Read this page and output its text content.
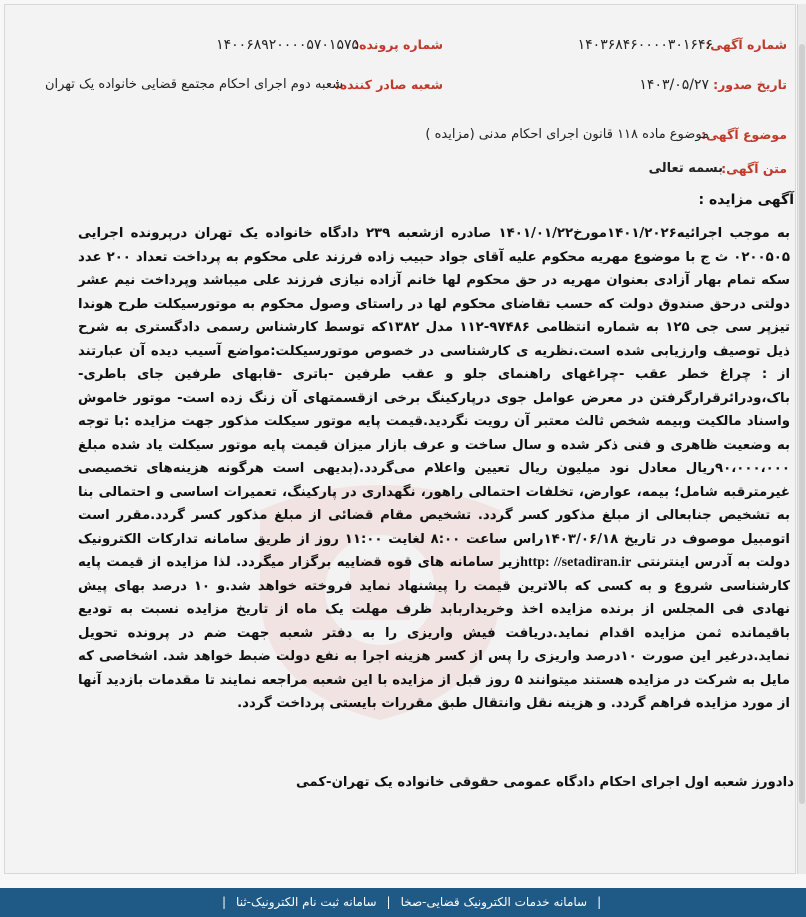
شماره آگهی:
۱۴۰۳۶۸۴۶۰۰۰۰۳۰۱۶۴۶
شماره پرونده:
۱۴۰۰۶۸۹۲۰۰۰۰۵۷۰۱۵۷۵
تاریخ صدور:
۱۴۰۳/۰۵/۲۷
شعبه صادر کننده:
شعبه دوم اجرای احکام مجتمع قضایی خانواده یک تهران
موضوع آگهی:
موضوع ماده ۱۱۸ قانون اجرای احکام مدنی (مزایده )
متن آگهی:
بسمه تعالی
آگهی مزایده :
به موجب اجرائیه۱۴۰۱/۲۰۲۶مورخ۱۴۰۱/۰۱/۲۲ صادره ازشعبه ۲۳۹ دادگاه خانواده یک تهران درپرونده اجرایی ۰۲۰۰۵۰۵ ث ج با موضوع مهریه محکوم علیه آقای جواد حبیب زاده فرزند علی محکوم به پرداخت تعداد ۲۰۰ عدد سکه تمام بهار آزادی بعنوان مهریه در حق محکوم لها خانم آزاده نیازی فرزند علی میباشد وپرداخت نیم عشر دولتی درحق صندوق دولت که حسب تقاضای محکوم لها در راستای وصول محکوم به موتورسیکلت طرح هوندا تیزپر سی جی ۱۲۵ به شماره انتظامی ۹۷۴۸۶-۱۱۲ مدل ۱۳۸۲که توسط کارشناس رسمی دادگستری به شرح ذیل توصیف وارزیابی شده است.نظریه ی کارشناسی در خصوص موتورسیکلت:مواضع آسیب دیده آن عبارتند از : چراغ خطر عقب -چراغهای راهنمای جلو و عقب طرفین -باتری -قابهای طرفین جای باطری-باک،ودرائرقرارگرفتن در معرض عوامل جوی درپارکینگ برخی ازقسمتهای آن زنگ زده است- موتور خاموش واسناد مالکیت وبیمه شخص ثالث معتبر آن رویت نگردید.قیمت پایه موتور سیکلت مذکور جهت مزایده :با توجه به وضعیت ظاهری و فنی ذکر شده و سال ساخت و عرف بازار میزان قیمت پایه موتور سیکلت یاد شده مبلغ ۹۰،۰۰۰،۰۰۰ریال معادل نود میلیون ریال تعیین واعلام می‌گردد.(بدیهی است هرگونه هزینه‌های تخصیصی غیرمترقبه شامل؛ بیمه، عوارض، تخلفات احتمالی راهور، نگهداری در پارکینگ، تعمیرات اساسی و احتمالی بنا به تشخیص جنابعالی از مبلغ مذکور کسر گردد. تشخیص مقام قضائی از مبلغ مذکور کسر گردد.مقرر است اتومبیل موصوف در تاریخ ۱۴۰۳/۰۶/۱۸راس ساعت ۸:۰۰ لغایت ۱۱:۰۰ روز از طریق سامانه تدارکات الکترونیک دولت به آدرس اینترنتی http: //setadiran.irزیر سامانه های قوه قضاییه برگزار میگردد. لذا مزایده از قیمت پایه کارشناسی شروع و به کسی که بالاترین قیمت را پیشنهاد نماید فروخته خواهد شد.و ۱۰ درصد بهای پیش نهادی فی المجلس از برنده مزایده اخذ وخریداربابد ظرف مهلت یک ماه از تاریخ مزایده نسبت به تودیع باقیمانده ثمن مزایده اقدام نماید.دریافت فیش واریزی را به دفتر شعبه جهت ضم در پرونده تحویل نماید.درغیر این صورت ۱۰درصد واریزی را پس از کسر هزینه اجرا به نفع دولت ضبط خواهد شد. اشخاصی که مایل به شرکت در مزایده هستند میتوانند ۵ روز قبل از مزایده با این شعبه مراجعه نمایند تا مقدمات بازدید آنها از مورد مزایده فراهم گردد. و هزینه نقل وانتقال طبق مقررات بایستی پرداخت گردد.
دادورز شعبه اول اجرای احکام دادگاه عمومی حقوقی خانواده یک تهران-کمی
|سامانه خدمات الکترونیک قضایی-صخا|سامانه ثبت نام الکترونیک-ثنا|
